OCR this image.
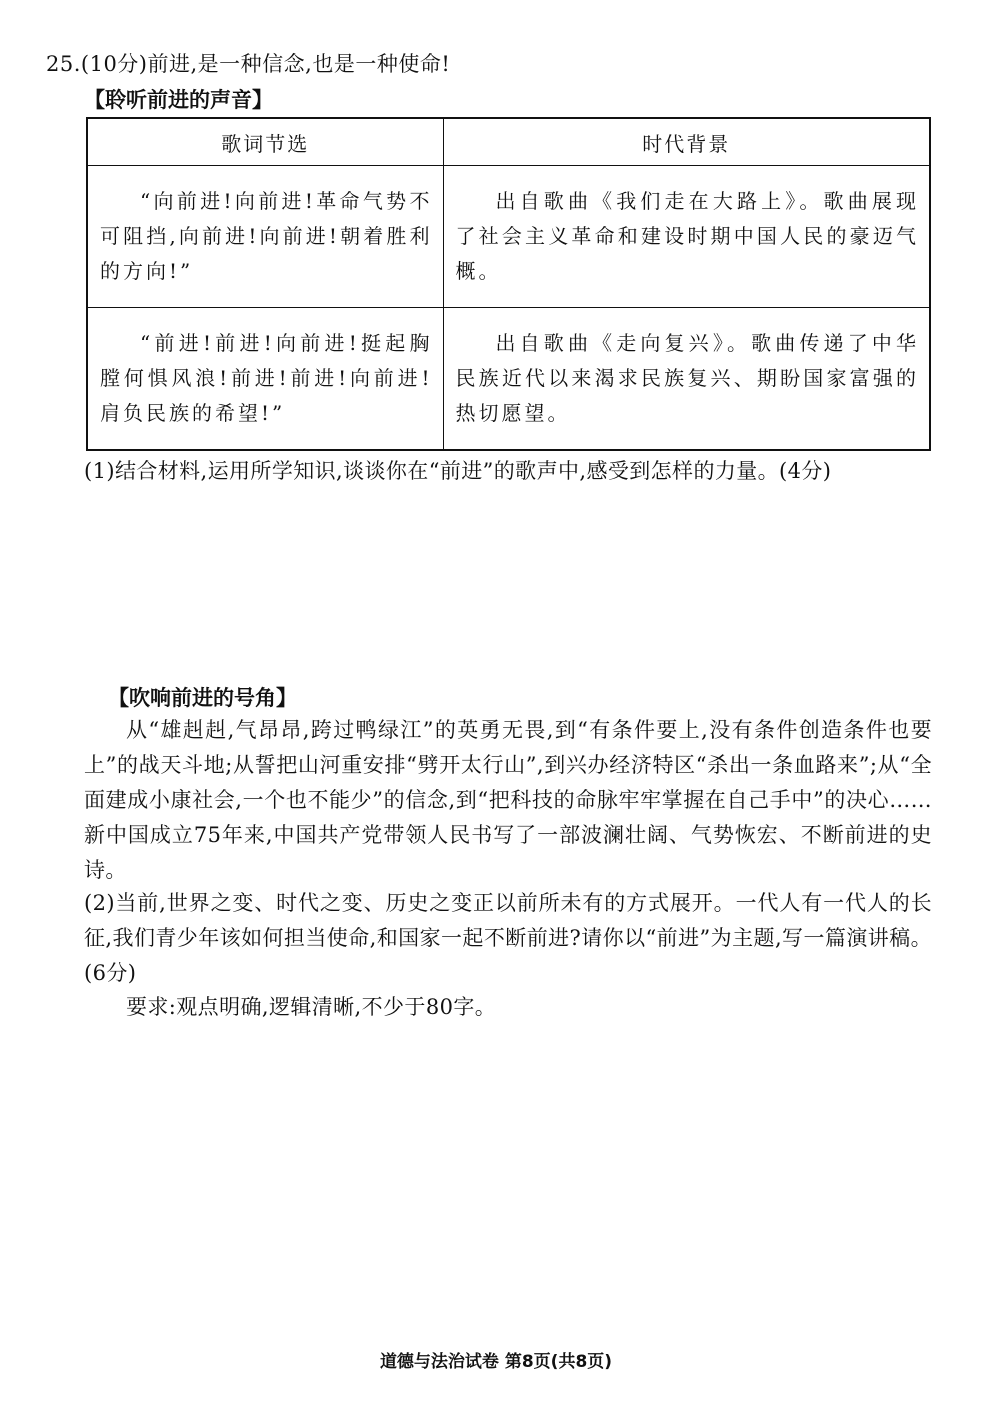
25.(10分)前进,是一种信念,也是一种使命!
【聆听前进的声音】
歌词节选	时代背景
“向前进!向前进!革命气势不可阻挡,向前进!向前进!朝着胜利的方向!”	出自歌曲《我们走在大路上》。歌曲展现了社会主义革命和建设时期中国人民的豪迈气概。
“前进!前进!向前进!挺起胸膛何惧风浪!前进!前进!向前进!肩负民族的希望!”	出自歌曲《走向复兴》。歌曲传递了中华民族近代以来渴求民族复兴、期盼国家富强的热切愿望。
(1)结合材料,运用所学知识,谈谈你在“前进”的歌声中,感受到怎样的力量。(4分)
【吹响前进的号角】
从“雄赳赳,气昂昂,跨过鸭绿江”的英勇无畏,到“有条件要上,没有条件创造条件也要上”的战天斗地;从誓把山河重安排“劈开太行山”,到兴办经济特区“杀出一条血路来”;从“全面建成小康社会,一个也不能少”的信念,到“把科技的命脉牢牢掌握在自己手中”的决心……新中国成立75年来,中国共产党带领人民书写了一部波澜壮阔、气势恢宏、不断前进的史诗。
(2)当前,世界之变、时代之变、历史之变正以前所未有的方式展开。一代人有一代人的长征,我们青少年该如何担当使命,和国家一起不断前进?请你以“前进”为主题,写一篇演讲稿。(6分)
要求:观点明确,逻辑清晰,不少于80字。
道德与法治试卷 第8页(共8页)
